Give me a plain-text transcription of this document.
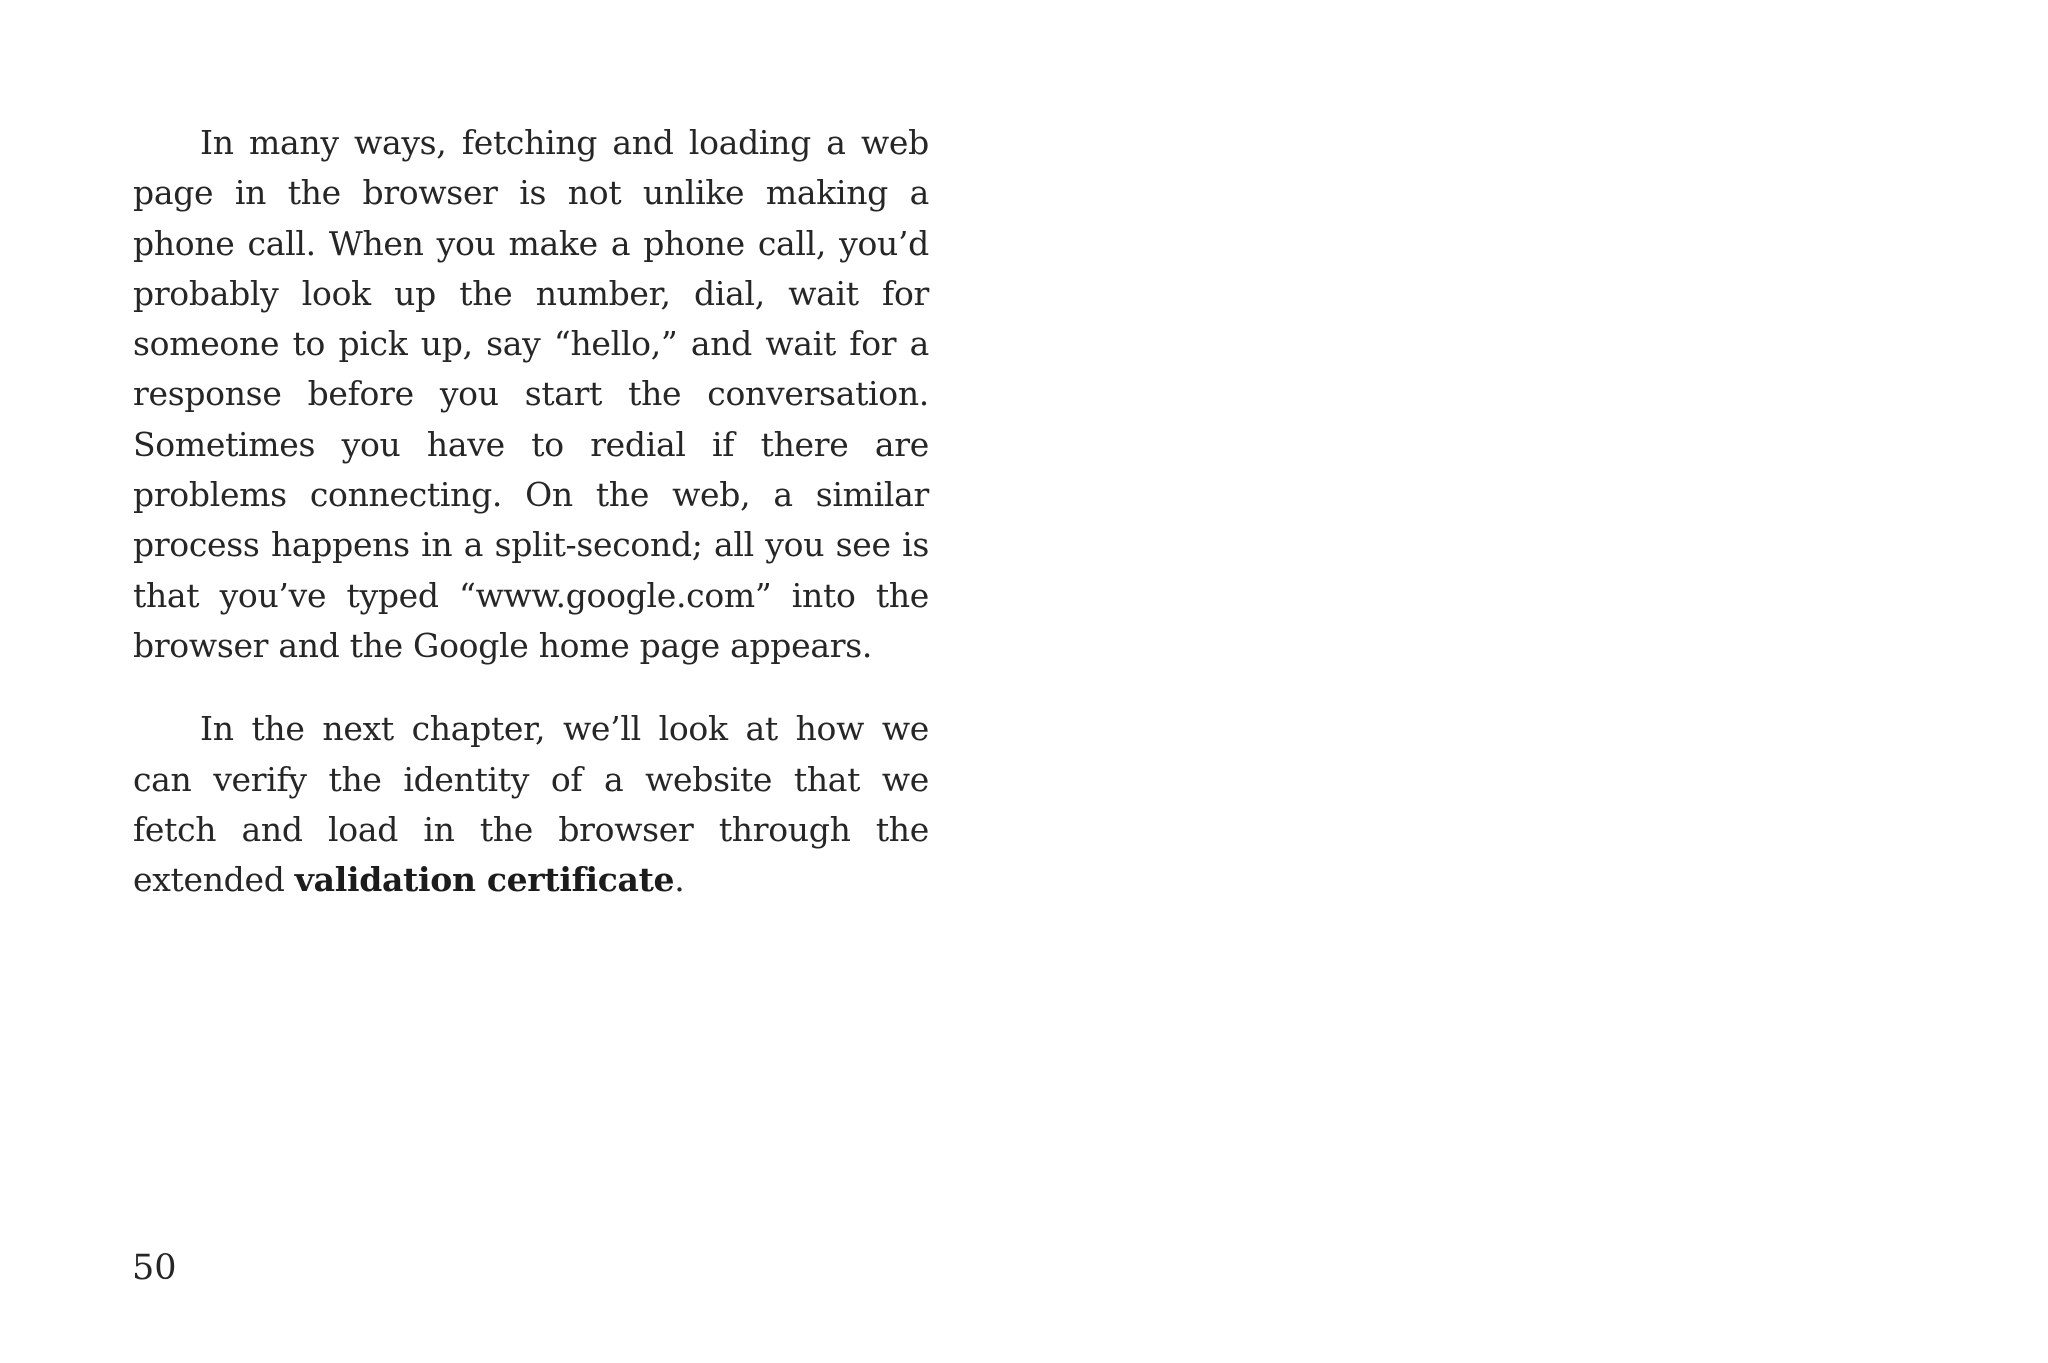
In many ways, fetching and loading a web page in the browser is not unlike making a phone call. When you make a phone call, you’d probably look up the number, dial, wait for someone to pick up, say “hello,” and wait for a response before you start the conversation. Sometimes you have to redial if there are problems connecting. On the web, a similar process happens in a split-second; all you see is that you’ve typed “www.google.com” into the browser and the Google home page appears.

In the next chapter, we’ll look at how we can verify the identity of a website that we fetch and load in the browser through the extended validation certificate.

50
